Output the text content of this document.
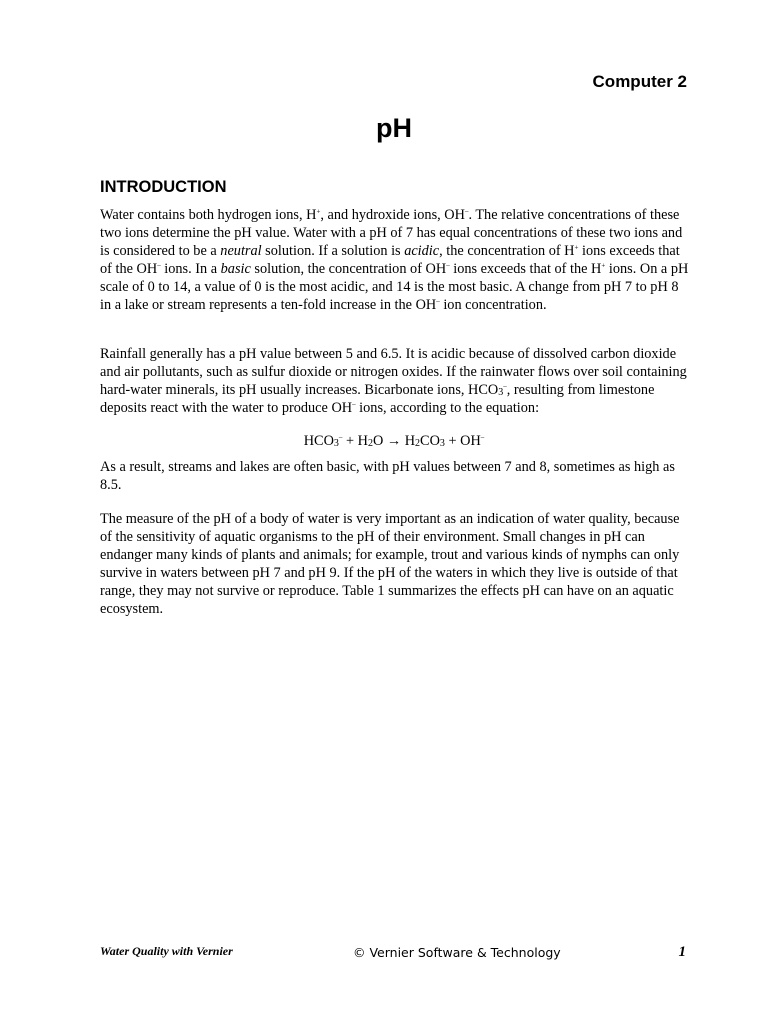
Computer 2
pH
INTRODUCTION

Water contains both hydrogen ions, H+, and hydroxide ions, OH–. The relative concentrations of these two ions determine the pH value. Water with a pH of 7 has equal concentrations of these two ions and is considered to be a neutral solution. If a solution is acidic, the concentration of H+ ions exceeds that of the OH– ions. In a basic solution, the concentration of OH– ions exceeds that of the H+ ions. On a pH scale of 0 to 14, a value of 0 is the most acidic, and 14 is the most basic. A change from pH 7 to pH 8 in a lake or stream represents a ten-fold increase in the OH– ion concentration.

Rainfall generally has a pH value between 5 and 6.5. It is acidic because of dissolved carbon dioxide and air pollutants, such as sulfur dioxide or nitrogen oxides. If the rainwater flows over soil containing hard-water minerals, its pH usually increases. Bicarbonate ions, $HCO_3^-$, resulting from limestone deposits react with the water to produce OH– ions, according to the equation:

$HCO_3^- + H_2O \to H_2CO_3 + OH^-$

As a result, streams and lakes are often basic, with pH values between 7 and 8, sometimes as high as 8.5.

The measure of the pH of a body of water is very important as an indication of water quality, because of the sensitivity of aquatic organisms to the pH of their environment. Small changes in pH can endanger many kinds of plants and animals; for example, trout and various kinds of nymphs can only survive in waters between pH 7 and pH 9. If the pH of the waters in which they live is outside of that range, they may not survive or reproduce. Table 1 summarizes the effects pH can have on an aquatic ecosystem.

Water Quality with Vernier	© Vernier Software & Technology	1
